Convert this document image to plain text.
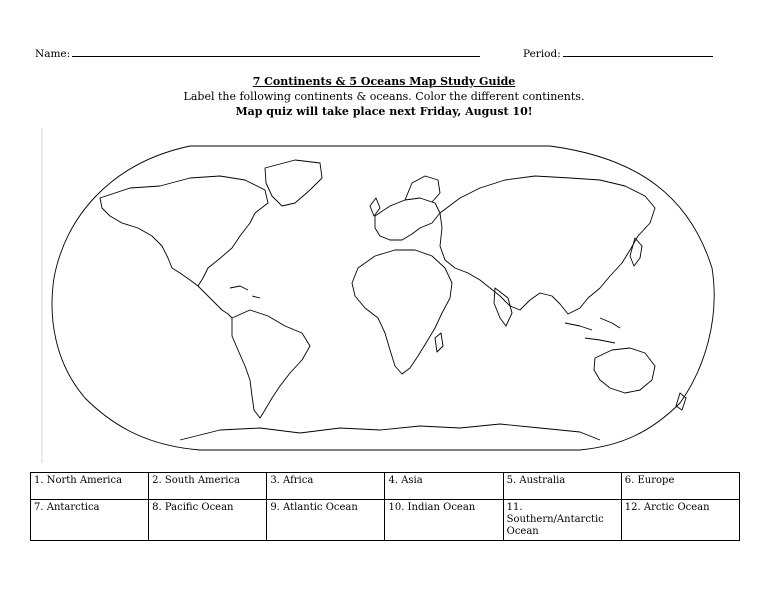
Name:	Period:
7 Continents & 5 Oceans Map Study Guide
Label the following continents & oceans. Color the different continents.
Map quiz will take place next Friday, August 10!
1. North America	2. South America	3. Africa	4. Asia	5. Australia	6. Europe
7. Antarctica	8. Pacific Ocean	9. Atlantic Ocean	10. Indian Ocean	11. Southern/Antarctic Ocean	12. Arctic Ocean
